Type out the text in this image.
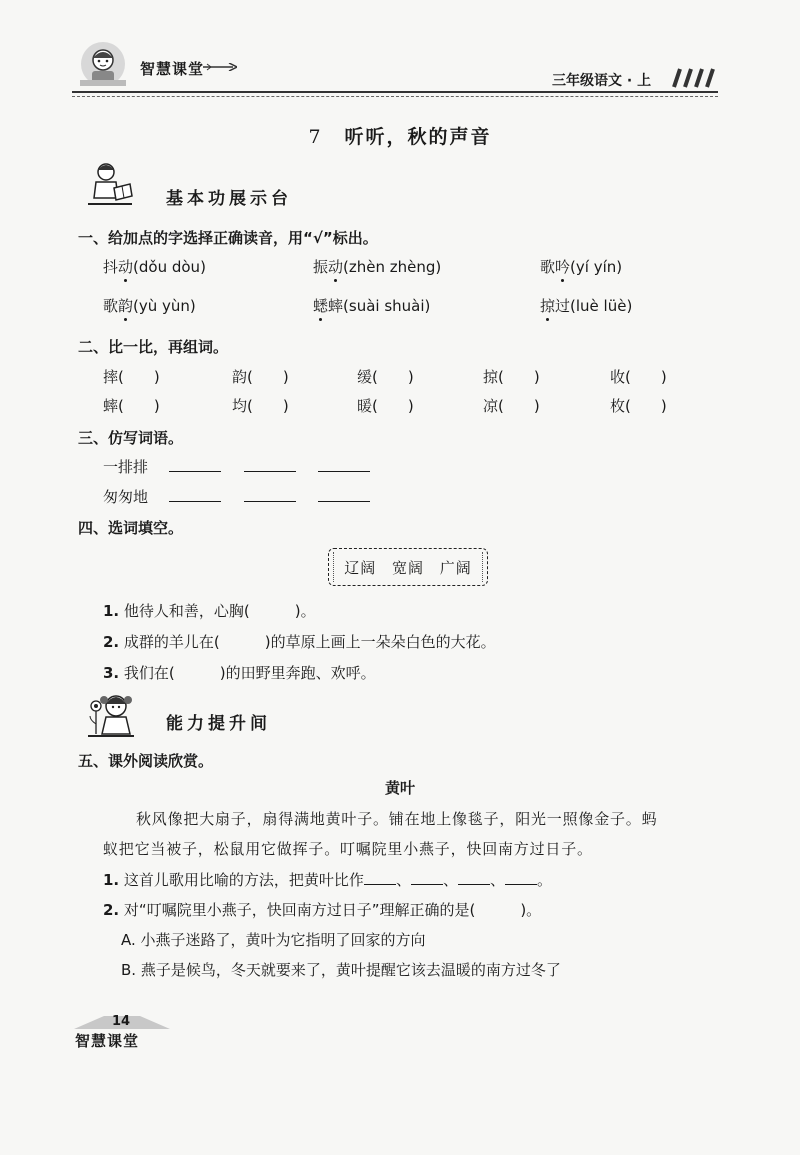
智慧课堂
三年级语文 · 上
7 听听，秋的声音
基本功展示台
一、给加点的字选择正确读音，用“√”标出。
抖动(dǒu dòu)	振动(zhèn zhèng)	歌吟(yí yín)
歌韵(yù yùn)	蟋蟀(suài shuài)	掠过(luè lüè)
二、比一比，再组词。
摔(　　)	韵(　　)	缓(　　)	掠(　　)	收(　　)
蟀(　　)	均(　　)	暖(　　)	凉(　　)	枚(　　)
三、仿写词语。
一排排
匆匆地
四、选词填空。
辽阔 宽阔 广阔
1. 他待人和善，心胸(　　　)。
2. 成群的羊儿在(　　　)的草原上画上一朵朵白色的大花。
3. 我们在(　　　)的田野里奔跑、欢呼。
能力提升间
五、课外阅读欣赏。
黄叶
秋风像把大扇子，扇得满地黄叶子。铺在地上像毯子，阳光一照像金子。蚂
蚁把它当被子，松鼠用它做挥子。叮嘱院里小燕子，快回南方过日子。
1. 这首儿歌用比喻的方法，把黄叶比作 、 、 、 。
2. 对“叮嘱院里小燕子，快回南方过日子”理解正确的是(　　　)。
A. 小燕子迷路了，黄叶为它指明了回家的方向
B. 燕子是候鸟，冬天就要来了，黄叶提醒它该去温暖的南方过冬了
14
智慧课堂
